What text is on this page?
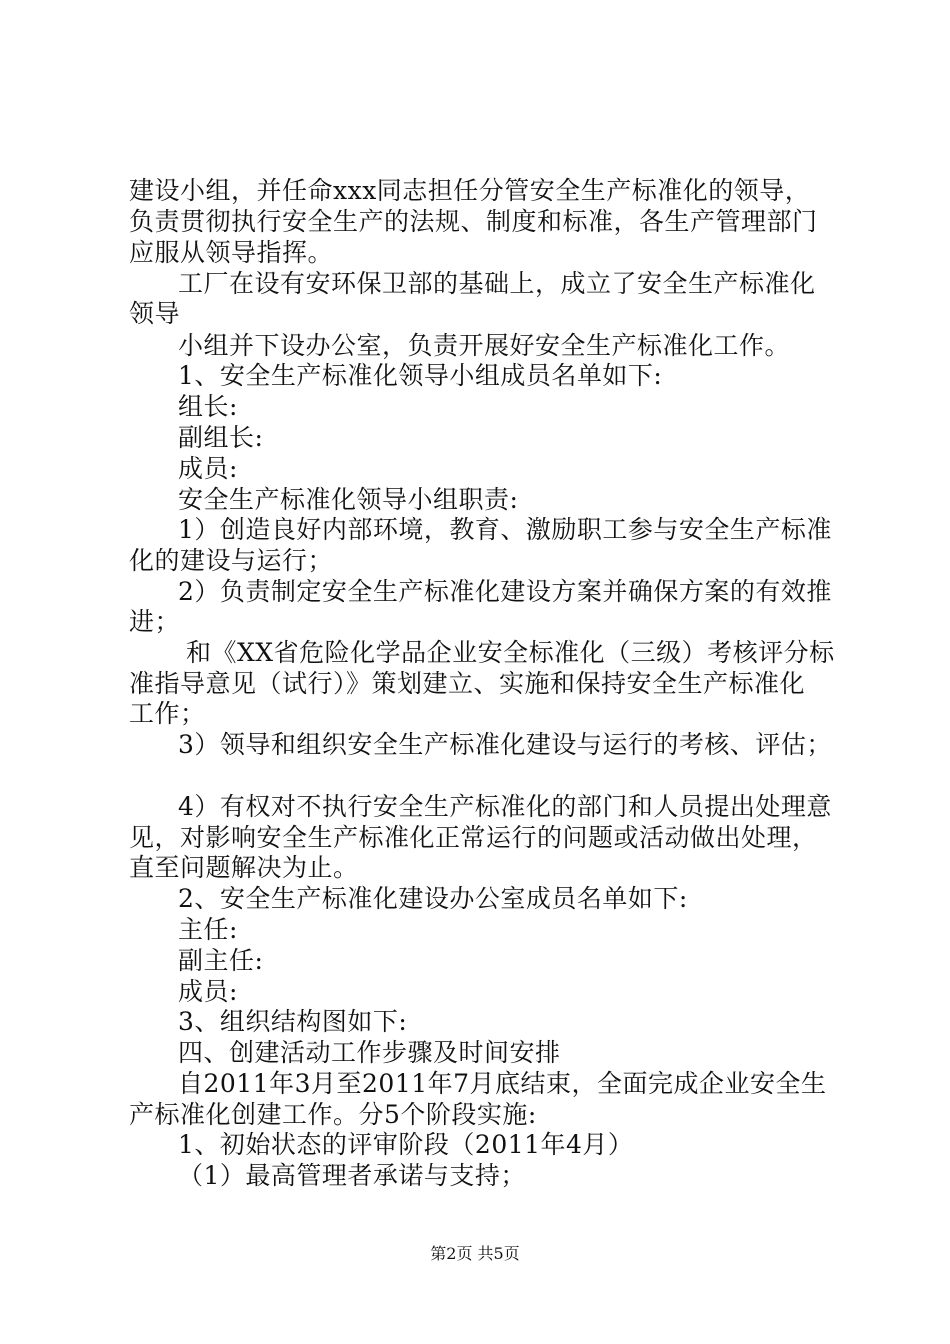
建设小组，并任命xxx同志担任分管安全生产标准化的领导，
负责贯彻执行安全生产的法规、制度和标准，各生产管理部门
应服从领导指挥。
工厂在设有安环保卫部的基础上，成立了安全生产标准化
领导
小组并下设办公室，负责开展好安全生产标准化工作。
1、安全生产标准化领导小组成员名单如下:
组长:
副组长:
成员:
安全生产标准化领导小组职责:
1）创造良好内部环境，教育、激励职工参与安全生产标准
化的建设与运行；
2）负责制定安全生产标准化建设方案并确保方案的有效推
进；
和《XX省危险化学品企业安全标准化（三级）考核评分标
准指导意见（试行）》策划建立、实施和保持安全生产标准化
工作；
3）领导和组织安全生产标准化建设与运行的考核、评估；
4）有权对不执行安全生产标准化的部门和人员提出处理意
见，对影响安全生产标准化正常运行的问题或活动做出处理，
直至问题解决为止。
2、安全生产标准化建设办公室成员名单如下:
主任:
副主任:
成员:
3、组织结构图如下:
四、创建活动工作步骤及时间安排
自2011年3月至2011年7月底结束，全面完成企业安全生
产标准化创建工作。分5个阶段实施:
1、初始状态的评审阶段（2011年4月）
（1）最高管理者承诺与支持；
第2页 共5页
